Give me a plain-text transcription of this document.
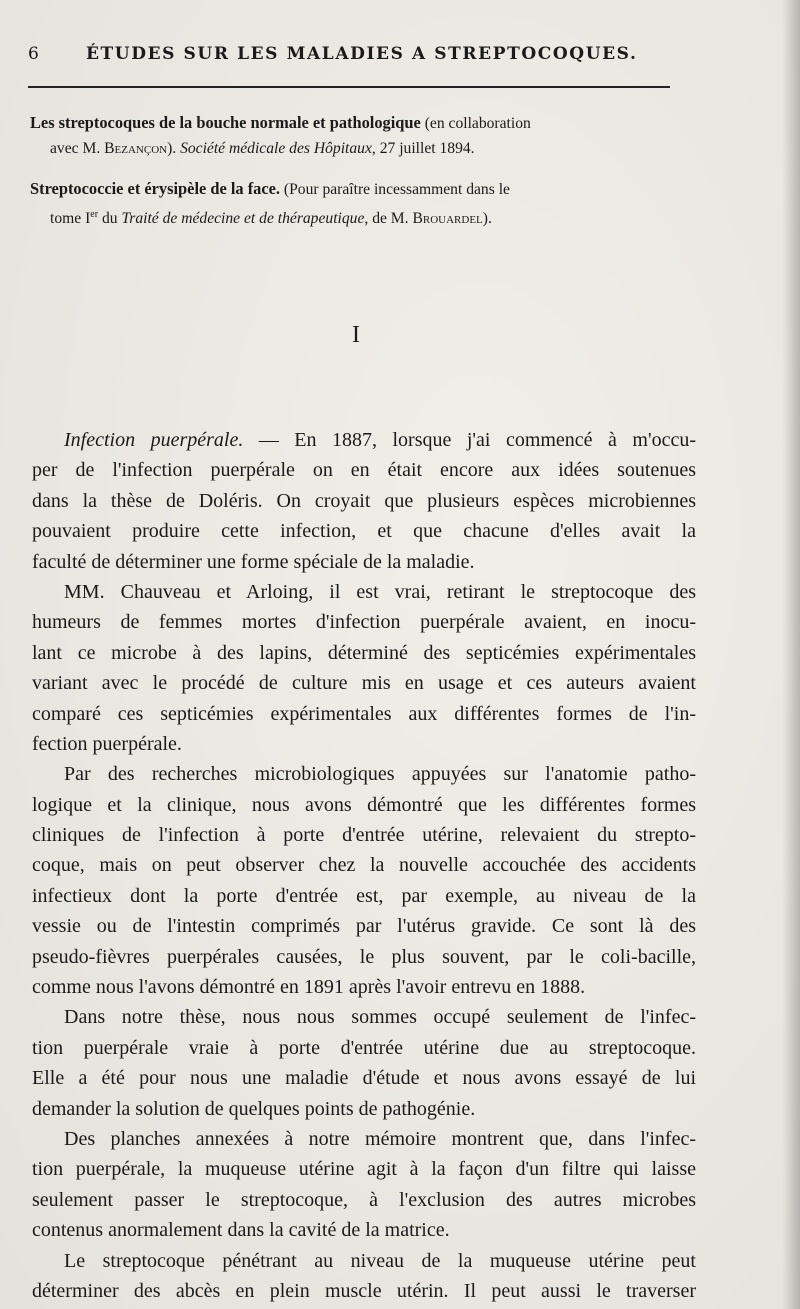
6	ÉTUDES SUR LES MALADIES A STREPTOCOQUES.
Les streptocoques de la bouche normale et pathologique (en collaboration
avec M. Bezançon). Société médicale des Hôpitaux, 27 juillet 1894.
Streptococcie et érysipèle de la face. (Pour paraître incessamment dans le
tome Ier du Traité de médecine et de thérapeutique, de M. Brouardel).
I
Infection puerpérale. — En 1887, lorsque j'ai commencé à m'occu-
per de l'infection puerpérale on en était encore aux idées soutenues
dans la thèse de Doléris. On croyait que plusieurs espèces microbiennes
pouvaient produire cette infection, et que chacune d'elles avait la
faculté de déterminer une forme spéciale de la maladie.
MM. Chauveau et Arloing, il est vrai, retirant le streptocoque des
humeurs de femmes mortes d'infection puerpérale avaient, en inocu-
lant ce microbe à des lapins, déterminé des septicémies expérimentales
variant avec le procédé de culture mis en usage et ces auteurs avaient
comparé ces septicémies expérimentales aux différentes formes de l'in-
fection puerpérale.
Par des recherches microbiologiques appuyées sur l'anatomie patho-
logique et la clinique, nous avons démontré que les différentes formes
cliniques de l'infection à porte d'entrée utérine, relevaient du strepto-
coque, mais on peut observer chez la nouvelle accouchée des accidents
infectieux dont la porte d'entrée est, par exemple, au niveau de la
vessie ou de l'intestin comprimés par l'utérus gravide. Ce sont là des
pseudo-fièvres puerpérales causées, le plus souvent, par le coli-bacille,
comme nous l'avons démontré en 1891 après l'avoir entrevu en 1888.
Dans notre thèse, nous nous sommes occupé seulement de l'infec-
tion puerpérale vraie à porte d'entrée utérine due au streptocoque.
Elle a été pour nous une maladie d'étude et nous avons essayé de lui
demander la solution de quelques points de pathogénie.
Des planches annexées à notre mémoire montrent que, dans l'infec-
tion puerpérale, la muqueuse utérine agit à la façon d'un filtre qui laisse
seulement passer le streptocoque, à l'exclusion des autres microbes
contenus anormalement dans la cavité de la matrice.
Le streptocoque pénétrant au niveau de la muqueuse utérine peut
déterminer des abcès en plein muscle utérin. Il peut aussi le traverser
